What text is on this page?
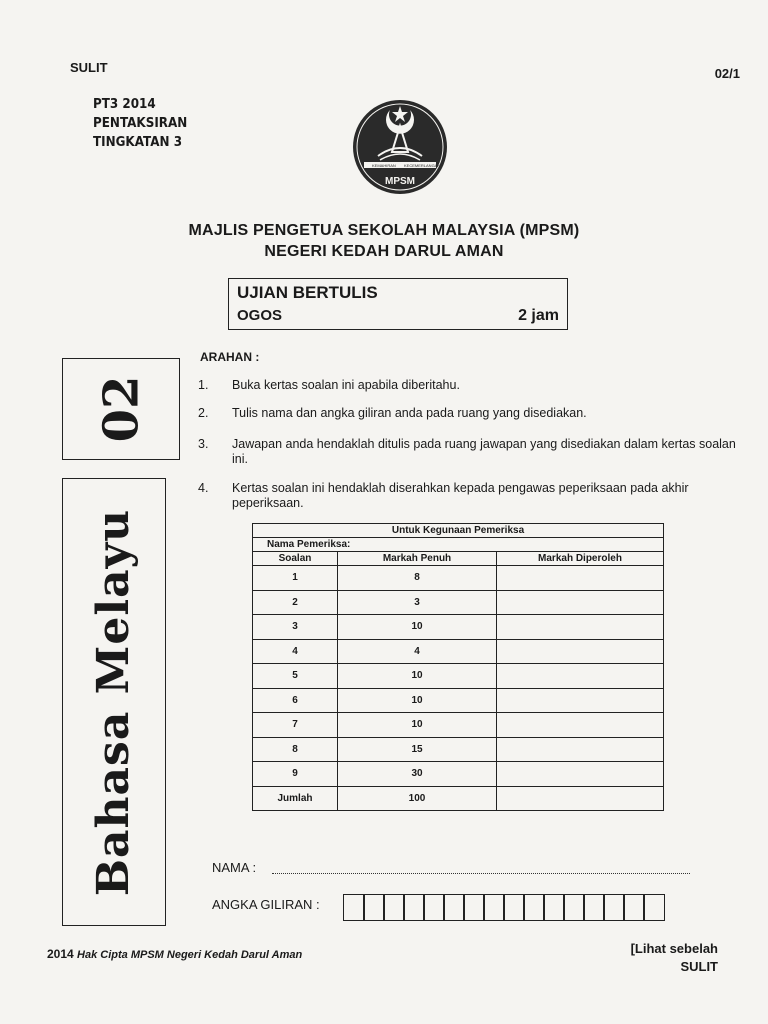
SULIT	02/1
PT3 2014
PENTAKSIRAN
TINGKATAN 3
KEMAHIRAN KECEMERLANGAN
MPSM
MAJLIS PENGETUA SEKOLAH MALAYSIA (MPSM)
NEGERI KEDAH DARUL AMAN
UJIAN BERTULIS
OGOS	2 jam
02
Bahasa Melayu
ARAHAN :
1. Buka kertas soalan ini apabila diberitahu.
2. Tulis nama dan angka giliran anda pada ruang yang disediakan.
3. Jawapan anda hendaklah ditulis pada ruang jawapan yang disediakan dalam kertas soalan ini.
4. Kertas soalan ini hendaklah diserahkan kepada pengawas peperiksaan pada akhir peperiksaan.
Untuk Kegunaan Pemeriksa		
Nama Pemeriksa:		
Soalan	Markah Penuh	Markah Diperoleh
1	8	
2	3	
3	10	
4	4	
5	10	
6	10	
7	10	
8	15	
9	30	
Jumlah	100	
NAMA :
ANGKA GILIRAN :
2014 Hak Cipta MPSM Negeri Kedah Darul Aman	[Lihat sebelah
SULIT
